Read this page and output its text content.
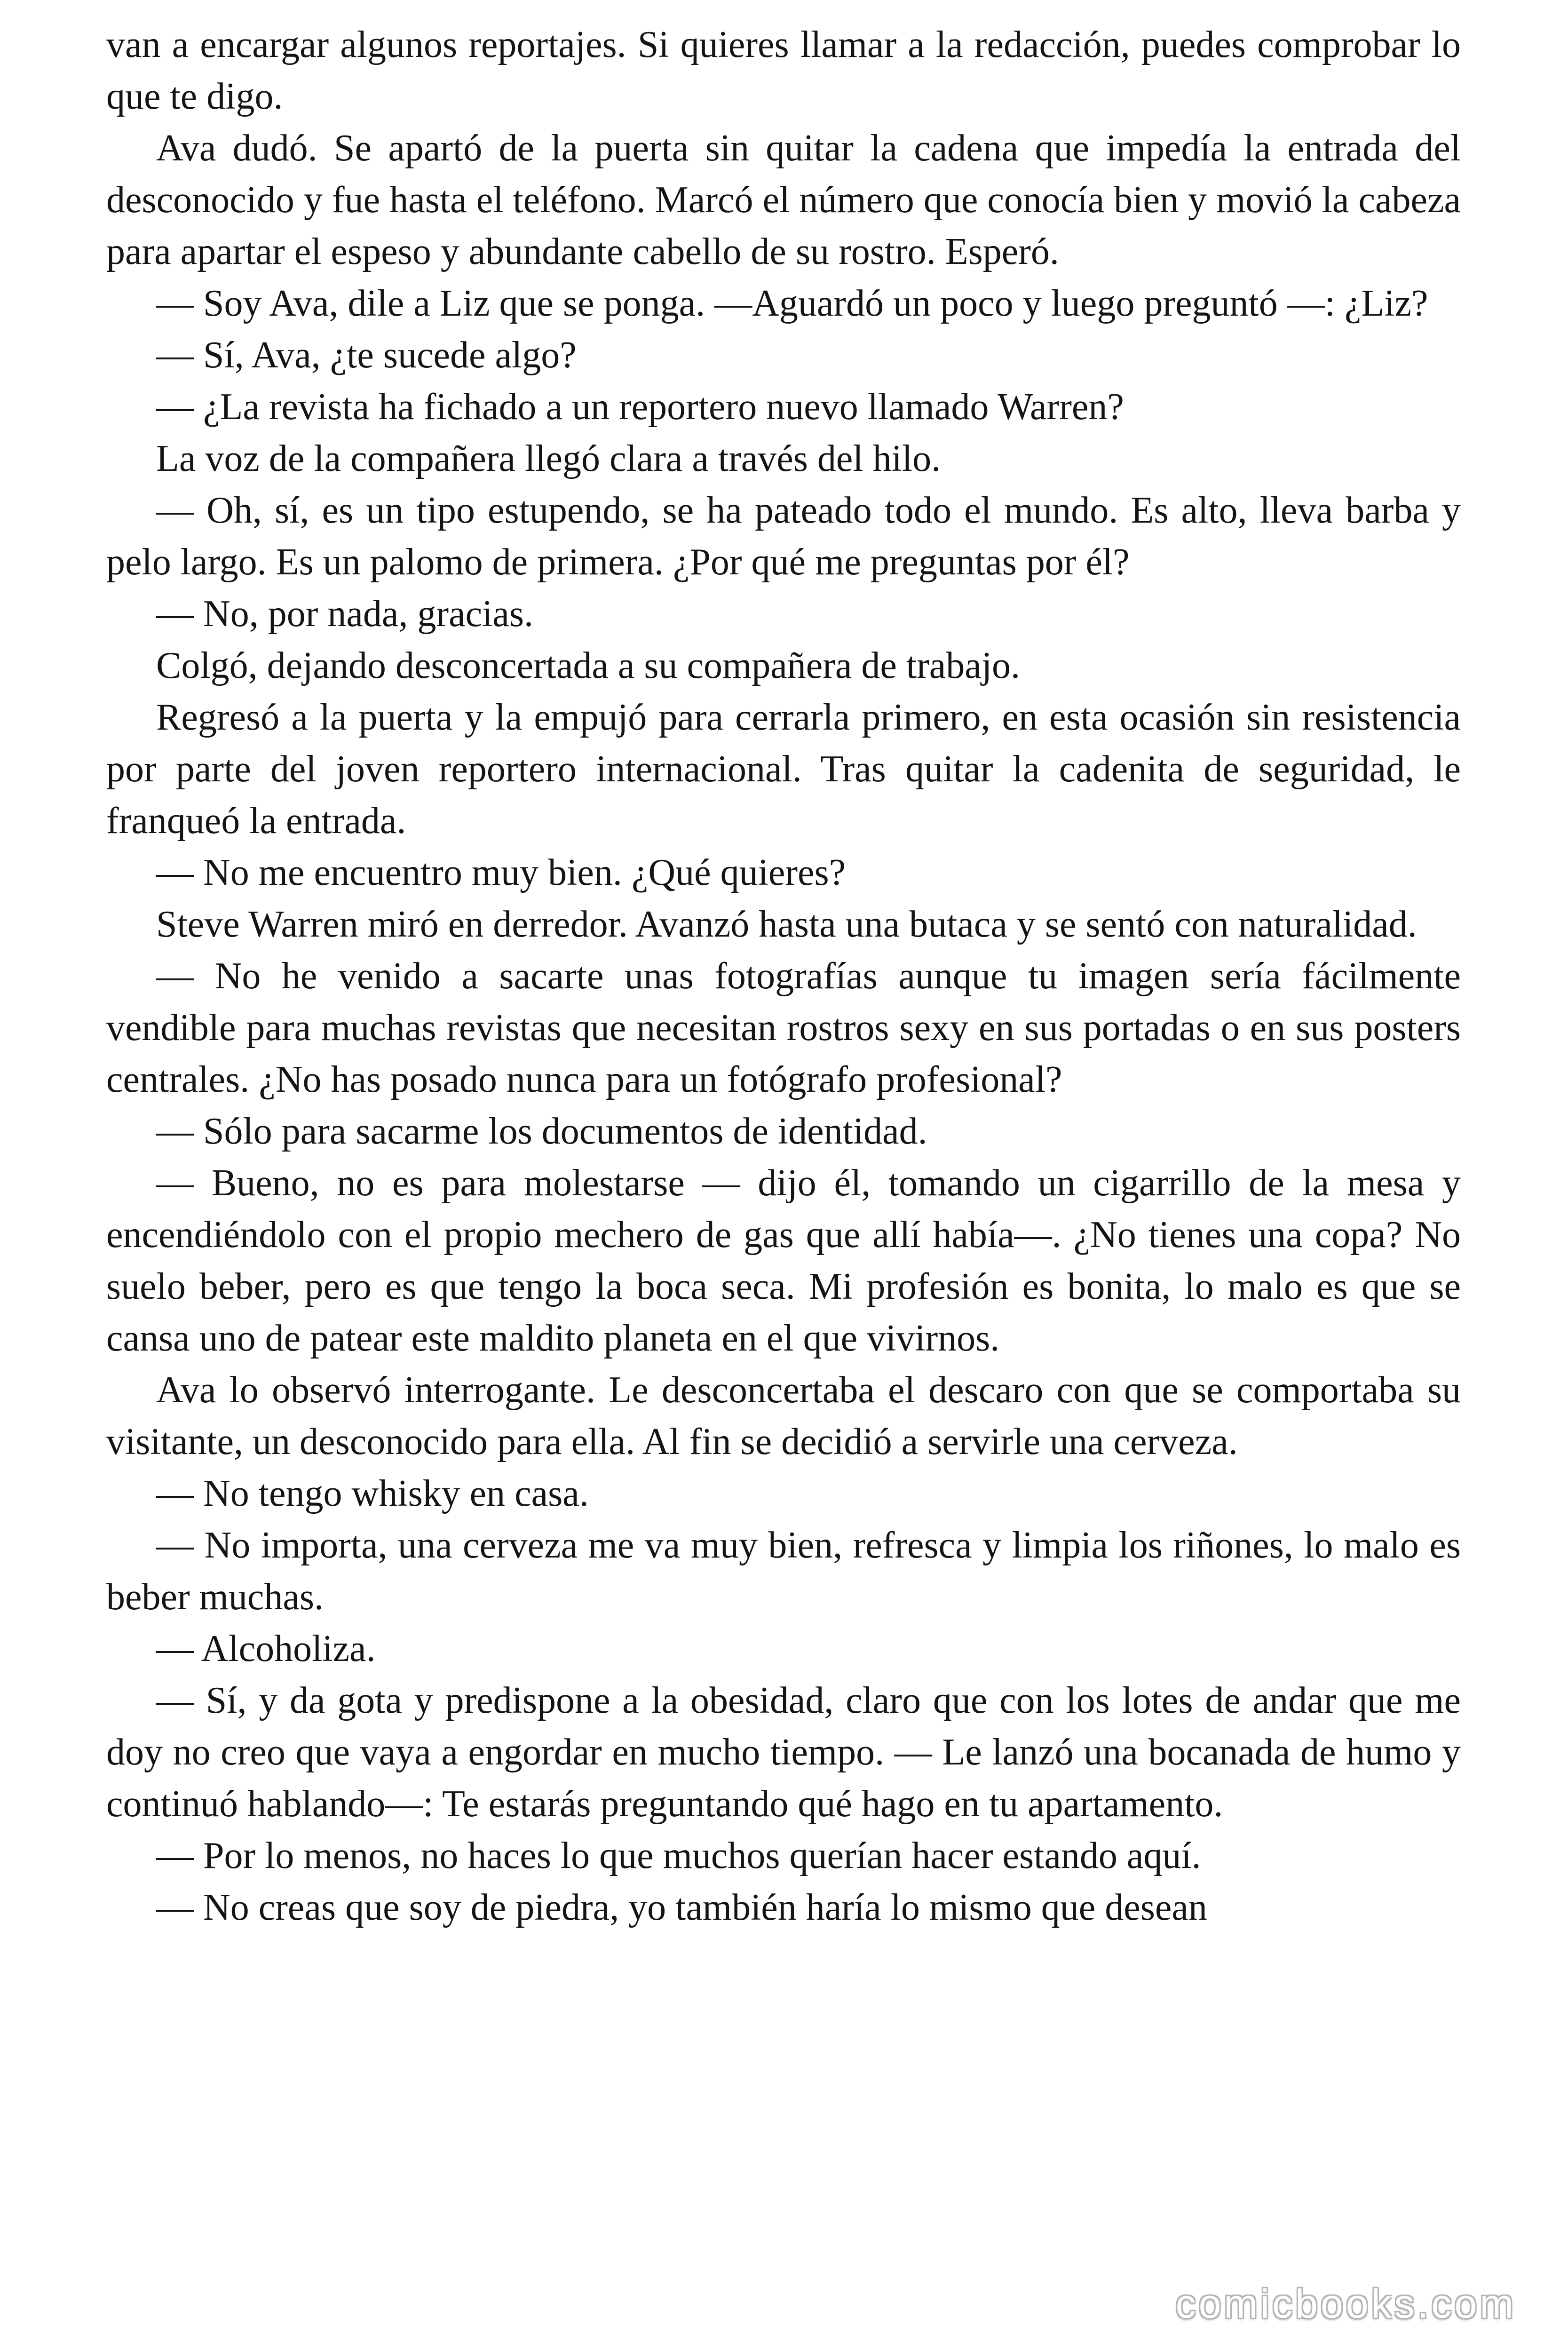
van a encargar algunos reportajes. Si quieres llamar a la redacción, puedes comprobar lo que te digo.

Ava dudó. Se apartó de la puerta sin quitar la cadena que impedía la entrada del desconocido y fue hasta el teléfono. Marcó el número que conocía bien y movió la cabeza para apartar el espeso y abundante cabello de su rostro. Esperó.

— Soy Ava, dile a Liz que se ponga. —Aguardó un poco y luego preguntó —: ¿Liz?

— Sí, Ava, ¿te sucede algo?

— ¿La revista ha fichado a un reportero nuevo llamado Warren?

La voz de la compañera llegó clara a través del hilo.

— Oh, sí, es un tipo estupendo, se ha pateado todo el mundo. Es alto, lleva barba y pelo largo. Es un palomo de primera. ¿Por qué me preguntas por él?

— No, por nada, gracias.

Colgó, dejando desconcertada a su compañera de trabajo.

Regresó a la puerta y la empujó para cerrarla primero, en esta ocasión sin resistencia por parte del joven reportero internacional. Tras quitar la cadenita de seguridad, le franqueó la entrada.

— No me encuentro muy bien. ¿Qué quieres?

Steve Warren miró en derredor. Avanzó hasta una butaca y se sentó con naturalidad.

— No he venido a sacarte unas fotografías aunque tu imagen sería fácilmente vendible para muchas revistas que necesitan rostros sexy en sus portadas o en sus posters centrales. ¿No has posado nunca para un fotógrafo profesional?

— Sólo para sacarme los documentos de identidad.

— Bueno, no es para molestarse — dijo él, tomando un cigarrillo de la mesa y encendiéndolo con el propio mechero de gas que allí había—. ¿No tienes una copa? No suelo beber, pero es que tengo la boca seca. Mi profesión es bonita, lo malo es que se cansa uno de patear este maldito planeta en el que vivirnos.

Ava lo observó interrogante. Le desconcertaba el descaro con que se comportaba su visitante, un desconocido para ella. Al fin se decidió a servirle una cerveza.

— No tengo whisky en casa.

— No importa, una cerveza me va muy bien, refresca y limpia los riñones, lo malo es beber muchas.

— Alcoholiza.

— Sí, y da gota y predispone a la obesidad, claro que con los lotes de andar que me doy no creo que vaya a engordar en mucho tiempo. — Le lanzó una bocanada de humo y continuó hablando—: Te estarás preguntando qué hago en tu apartamento.

— Por lo menos, no haces lo que muchos querían hacer estando aquí.

— No creas que soy de piedra, yo también haría lo mismo que desean

comicbooks.com
